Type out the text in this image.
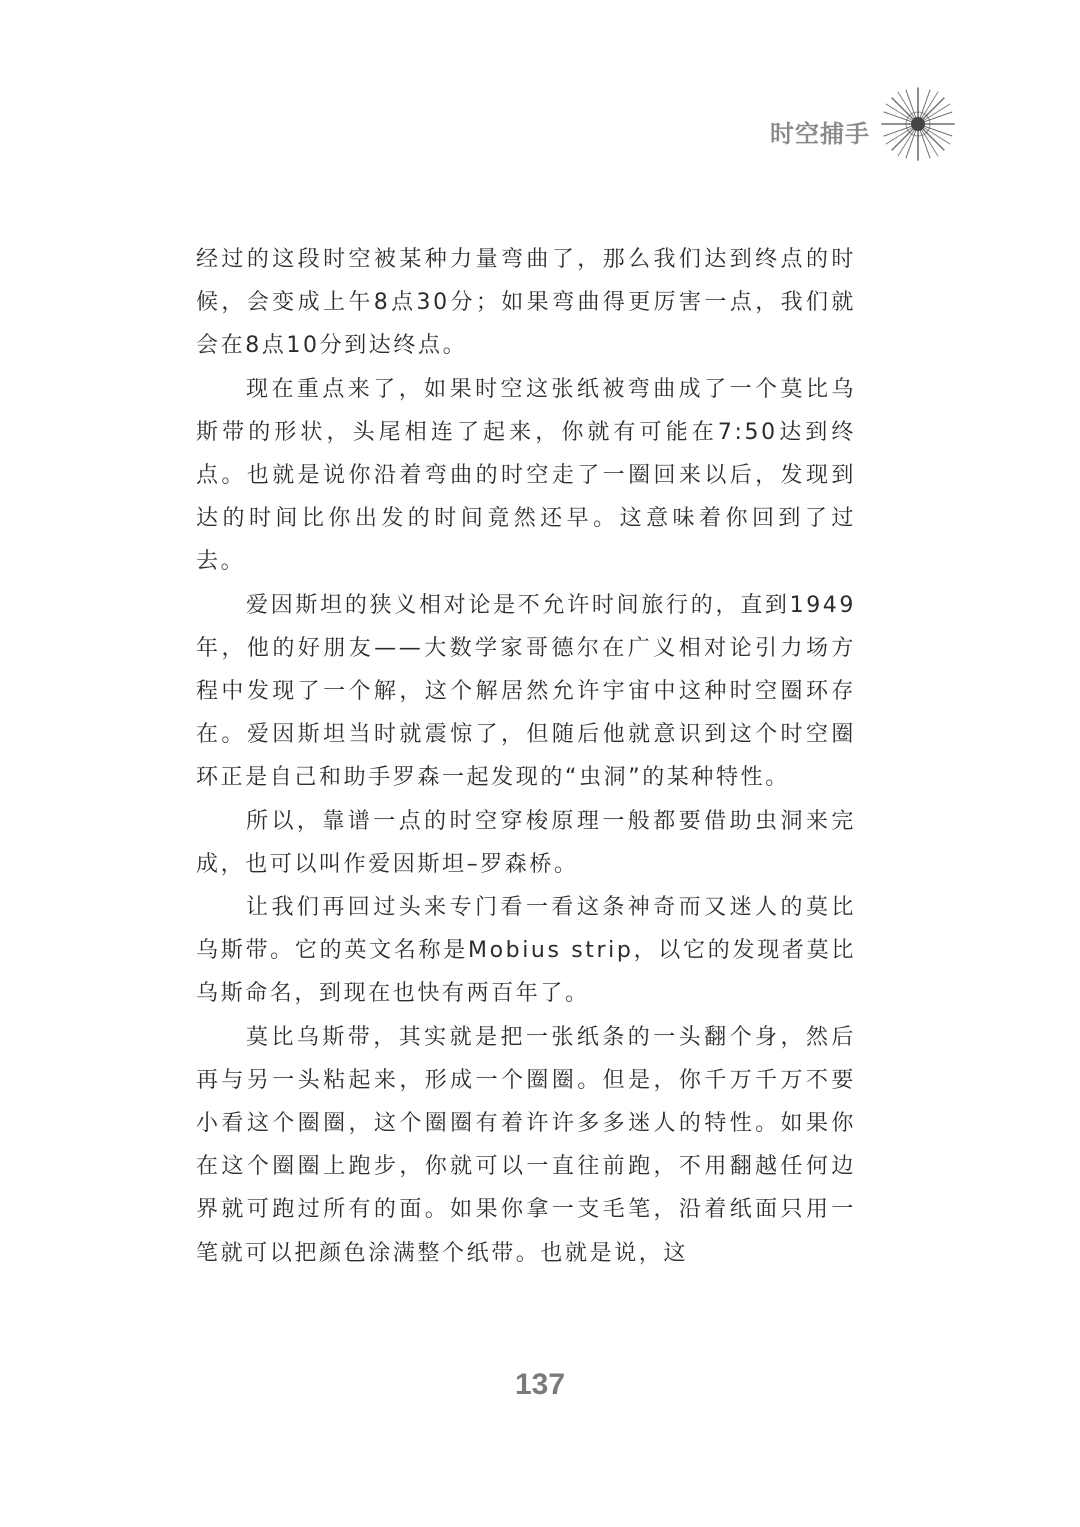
时空捕手

经过的这段时空被某种力量弯曲了，那么我们达到终点的时候，会变成上午8点30分；如果弯曲得更厉害一点，我们就会在8点10分到达终点。

现在重点来了，如果时空这张纸被弯曲成了一个莫比乌斯带的形状，头尾相连了起来，你就有可能在7:50达到终点。也就是说你沿着弯曲的时空走了一圈回来以后，发现到达的时间比你出发的时间竟然还早。这意味着你回到了过去。

爱因斯坦的狭义相对论是不允许时间旅行的，直到1949年，他的好朋友——大数学家哥德尔在广义相对论引力场方程中发现了一个解，这个解居然允许宇宙中这种时空圈环存在。爱因斯坦当时就震惊了，但随后他就意识到这个时空圈环正是自己和助手罗森一起发现的“虫洞”的某种特性。

所以，靠谱一点的时空穿梭原理一般都要借助虫洞来完成，也可以叫作爱因斯坦–罗森桥。

让我们再回过头来专门看一看这条神奇而又迷人的莫比乌斯带。它的英文名称是Mobius strip，以它的发现者莫比乌斯命名，到现在也快有两百年了。

莫比乌斯带，其实就是把一张纸条的一头翻个身，然后再与另一头粘起来，形成一个圈圈。但是，你千万千万不要小看这个圈圈，这个圈圈有着许许多多迷人的特性。如果你在这个圈圈上跑步，你就可以一直往前跑，不用翻越任何边界就可跑过所有的面。如果你拿一支毛笔，沿着纸面只用一笔就可以把颜色涂满整个纸带。也就是说，这

137
